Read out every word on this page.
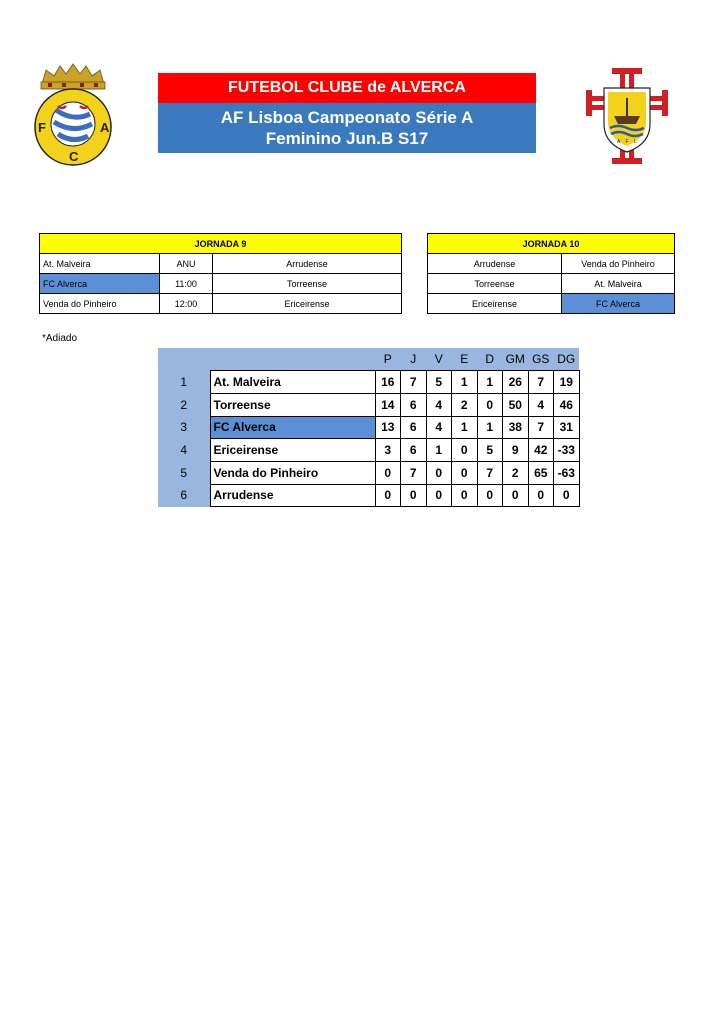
F	A
C
FUTEBOL CLUBE de ALVERCA
AF Lisboa Campeonato Série A
Feminino Jun.B S17	A F L
JORNADA 9		
At. Malveira	ANU	Arrudense
FC Alverca	11:00	Torreense
Venda do Pinheiro	12:00	Ericeirense
JORNADA 10	
Arrudense	Venda do Pinheiro
Torreense	At. Malveira
Ericeirense	FC Alverca
*Adiado
		P	J	V	E	D	GM	GS	DG
1	At. Malveira	16	7	5	1	1	26	7	19
2	Torreense	14	6	4	2	0	50	4	46
3	FC Alverca	13	6	4	1	1	38	7	31
4	Ericeirense	3	6	1	0	5	9	42	-33
5	Venda do Pinheiro	0	7	0	0	7	2	65	-63
6	Arrudense	0	0	0	0	0	0	0	0
